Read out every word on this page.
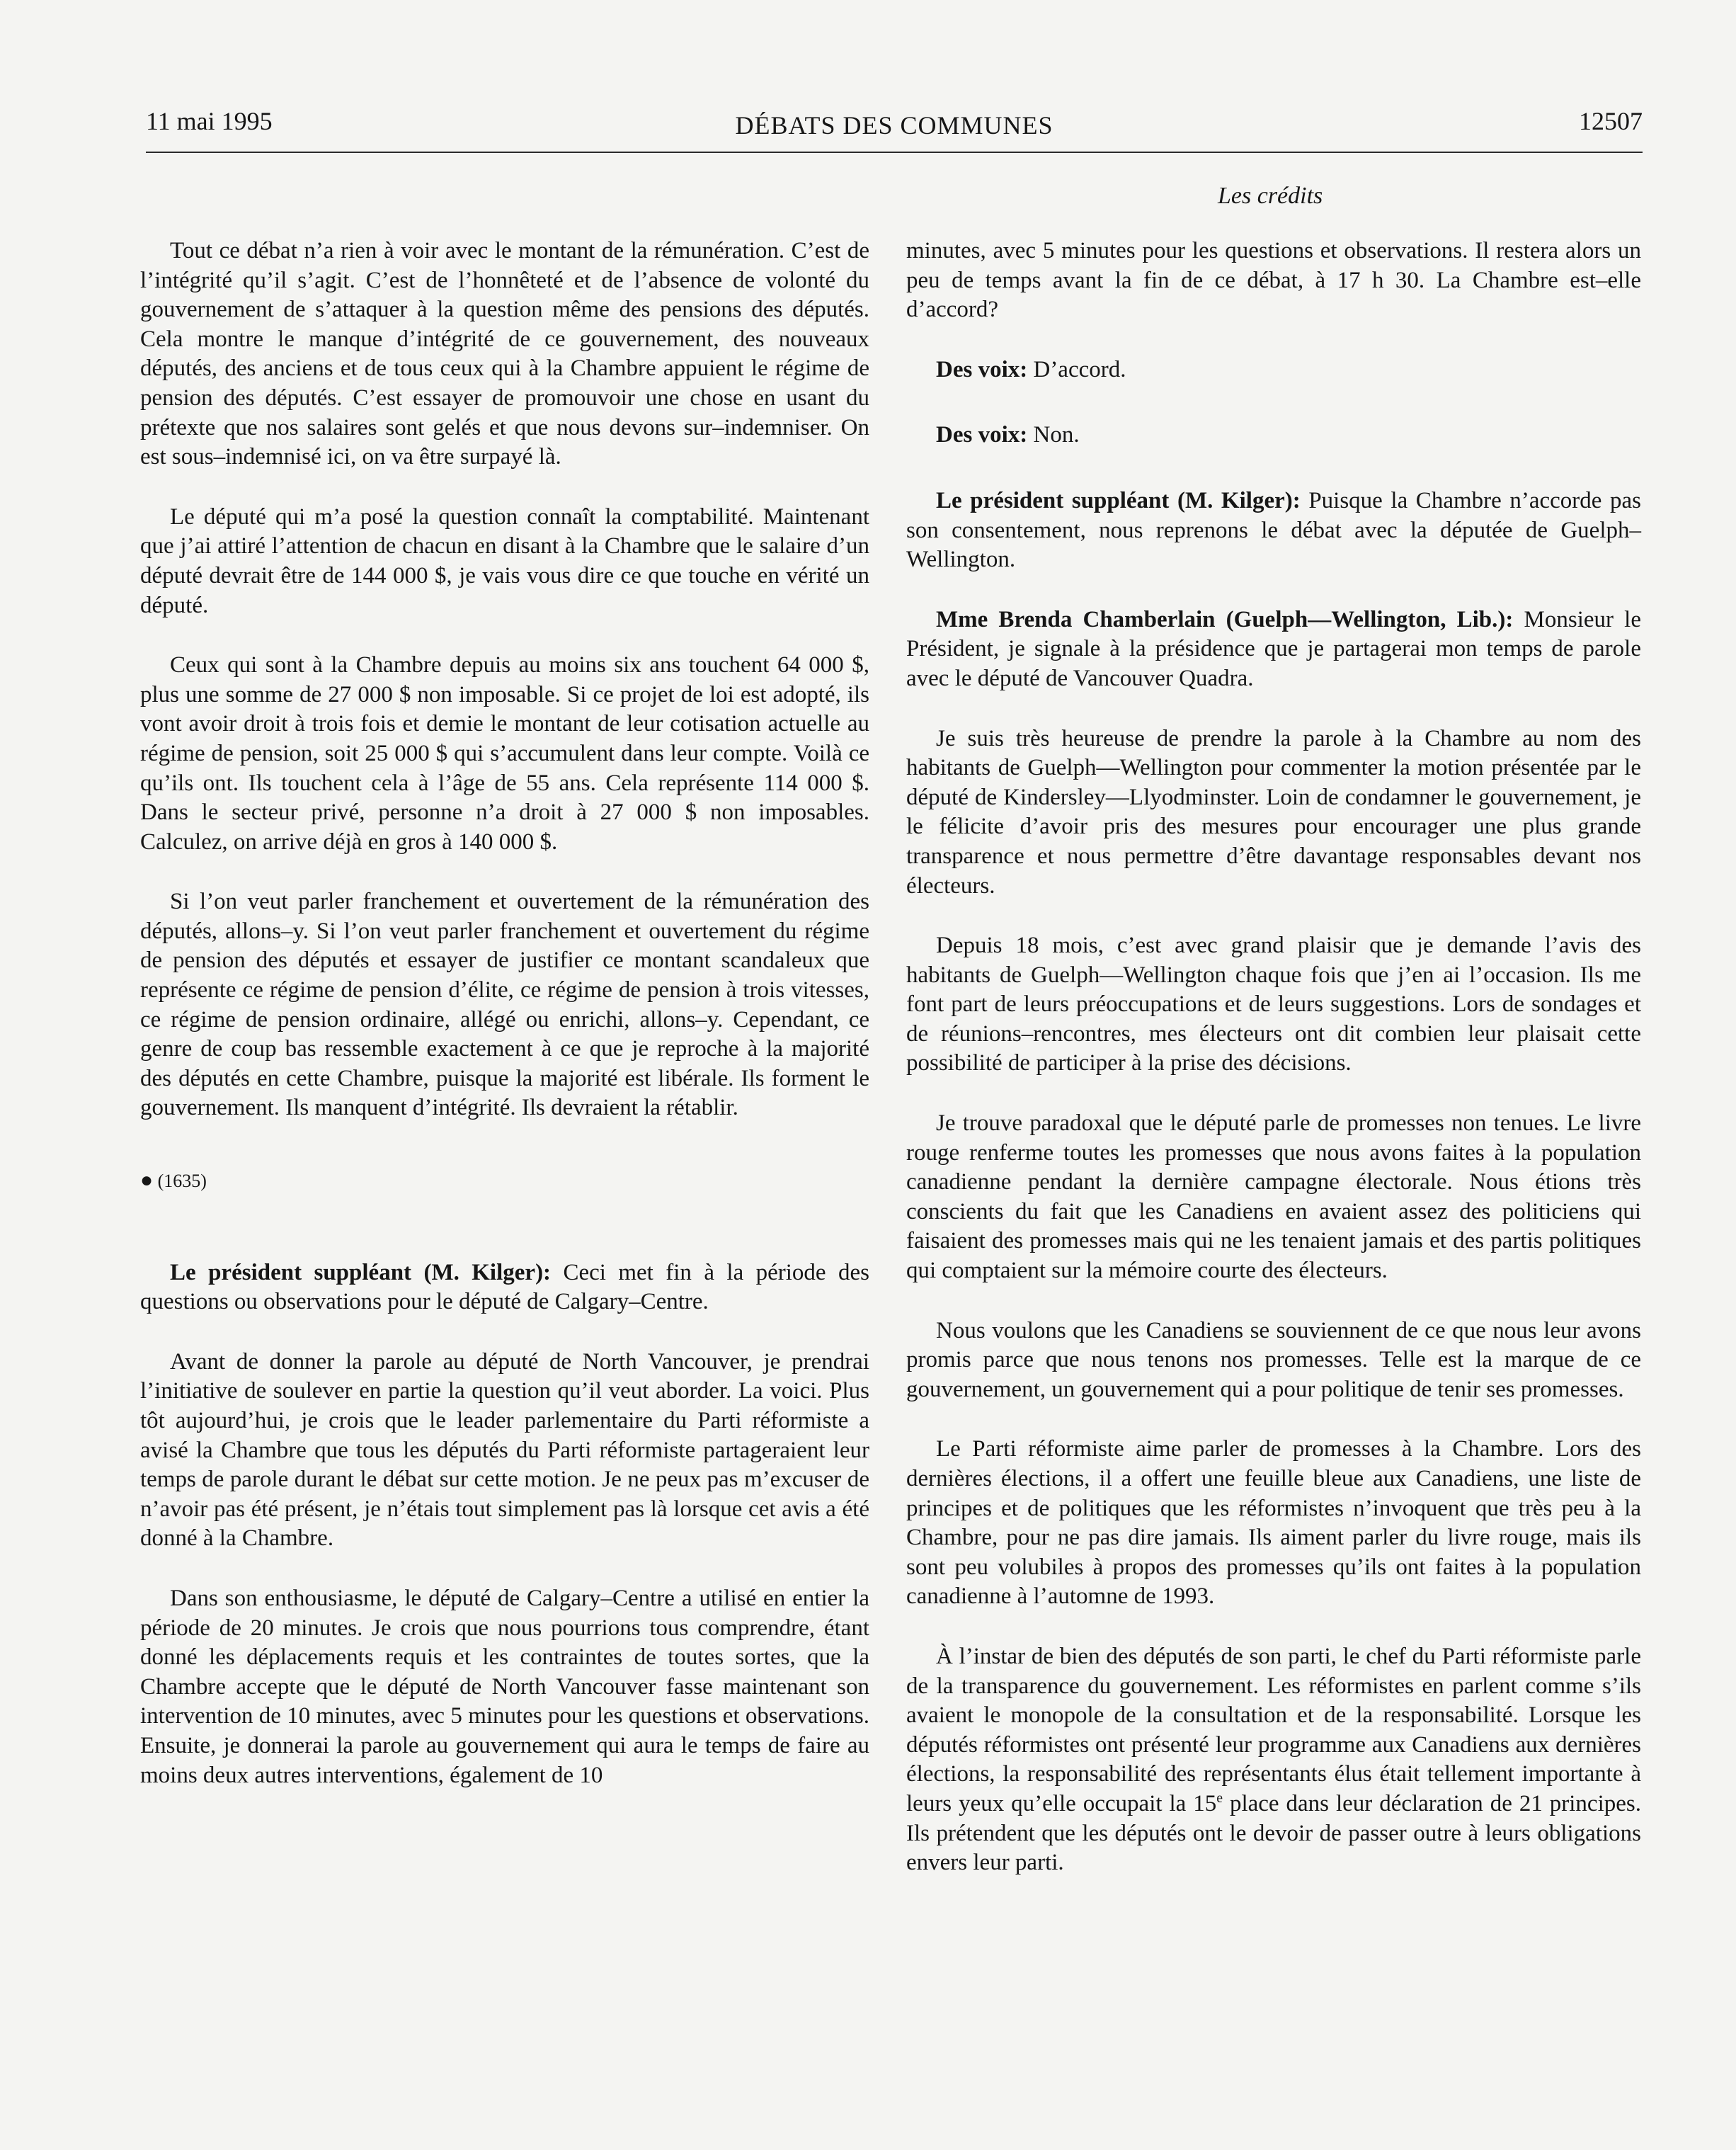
11 mai 1995	DÉBATS DES COMMUNES	12507
Les crédits

Tout ce débat n’a rien à voir avec le montant de la rémunération. C’est de l’intégrité qu’il s’agit. C’est de l’honnêteté et de l’absence de volonté du gouvernement de s’attaquer à la question même des pensions des députés. Cela montre le manque d’intégrité de ce gouvernement, des nouveaux députés, des anciens et de tous ceux qui à la Chambre appuient le régime de pension des députés. C’est essayer de promouvoir une chose en usant du prétexte que nos salaires sont gelés et que nous devons sur–indemniser. On est sous–indemnisé ici, on va être surpayé là.

Le député qui m’a posé la question connaît la comptabilité. Maintenant que j’ai attiré l’attention de chacun en disant à la Chambre que le salaire d’un député devrait être de 144 000 $, je vais vous dire ce que touche en vérité un député.

Ceux qui sont à la Chambre depuis au moins six ans touchent 64 000 $, plus une somme de 27 000 $ non imposable. Si ce projet de loi est adopté, ils vont avoir droit à trois fois et demie le montant de leur cotisation actuelle au régime de pension, soit 25 000 $ qui s’accumulent dans leur compte. Voilà ce qu’ils ont. Ils touchent cela à l’âge de 55 ans. Cela représente 114 000 $. Dans le secteur privé, personne n’a droit à 27 000 $ non imposables. Calculez, on arrive déjà en gros à 140 000 $.

Si l’on veut parler franchement et ouvertement de la rémunération des députés, allons–y. Si l’on veut parler franchement et ouvertement du régime de pension des députés et essayer de justifier ce montant scandaleux que représente ce régime de pension d’élite, ce régime de pension à trois vitesses, ce régime de pension ordinaire, allégé ou enrichi, allons–y. Cependant, ce genre de coup bas ressemble exactement à ce que je reproche à la majorité des députés en cette Chambre, puisque la majorité est libérale. Ils forment le gouvernement. Ils manquent d’intégrité. Ils devraient la rétablir.

● (1635)

Le président suppléant (M. Kilger): Ceci met fin à la période des questions ou observations pour le député de Calgary–Centre.

Avant de donner la parole au député de North Vancouver, je prendrai l’initiative de soulever en partie la question qu’il veut aborder. La voici. Plus tôt aujourd’hui, je crois que le leader parlementaire du Parti réformiste a avisé la Chambre que tous les députés du Parti réformiste partageraient leur temps de parole durant le débat sur cette motion. Je ne peux pas m’excuser de n’avoir pas été présent, je n’étais tout simplement pas là lorsque cet avis a été donné à la Chambre.

Dans son enthousiasme, le député de Calgary–Centre a utilisé en entier la période de 20 minutes. Je crois que nous pourrions tous comprendre, étant donné les déplacements requis et les contraintes de toutes sortes, que la Chambre accepte que le député de North Vancouver fasse maintenant son intervention de 10 minutes, avec 5 minutes pour les questions et observations. Ensuite, je donnerai la parole au gouvernement qui aura le temps de faire au moins deux autres interventions, également de 10

minutes, avec 5 minutes pour les questions et observations. Il restera alors un peu de temps avant la fin de ce débat, à 17 h 30. La Chambre est–elle d’accord?

Des voix: D’accord.

Des voix: Non.

Le président suppléant (M. Kilger): Puisque la Chambre n’accorde pas son consentement, nous reprenons le débat avec la députée de Guelph–Wellington.

Mme Brenda Chamberlain (Guelph—Wellington, Lib.): Monsieur le Président, je signale à la présidence que je partagerai mon temps de parole avec le député de Vancouver Quadra.

Je suis très heureuse de prendre la parole à la Chambre au nom des habitants de Guelph—Wellington pour commenter la motion présentée par le député de Kindersley—Llyodminster. Loin de condamner le gouvernement, je le félicite d’avoir pris des mesures pour encourager une plus grande transparence et nous permettre d’être davantage responsables devant nos électeurs.

Depuis 18 mois, c’est avec grand plaisir que je demande l’avis des habitants de Guelph—Wellington chaque fois que j’en ai l’occasion. Ils me font part de leurs préoccupations et de leurs suggestions. Lors de sondages et de réunions–rencontres, mes électeurs ont dit combien leur plaisait cette possibilité de participer à la prise des décisions.

Je trouve paradoxal que le député parle de promesses non tenues. Le livre rouge renferme toutes les promesses que nous avons faites à la population canadienne pendant la dernière campagne électorale. Nous étions très conscients du fait que les Canadiens en avaient assez des politiciens qui faisaient des promesses mais qui ne les tenaient jamais et des partis politiques qui comptaient sur la mémoire courte des électeurs.

Nous voulons que les Canadiens se souviennent de ce que nous leur avons promis parce que nous tenons nos promesses. Telle est la marque de ce gouvernement, un gouvernement qui a pour politique de tenir ses promesses.

Le Parti réformiste aime parler de promesses à la Chambre. Lors des dernières élections, il a offert une feuille bleue aux Canadiens, une liste de principes et de politiques que les réformistes n’invoquent que très peu à la Chambre, pour ne pas dire jamais. Ils aiment parler du livre rouge, mais ils sont peu volubiles à propos des promesses qu’ils ont faites à la population canadienne à l’automne de 1993.

À l’instar de bien des députés de son parti, le chef du Parti réformiste parle de la transparence du gouvernement. Les réformistes en parlent comme s’ils avaient le monopole de la consultation et de la responsabilité. Lorsque les députés réformistes ont présenté leur programme aux Canadiens aux dernières élections, la responsabilité des représentants élus était tellement importante à leurs yeux qu’elle occupait la 15e place dans leur déclaration de 21 principes. Ils prétendent que les députés ont le devoir de passer outre à leurs obligations envers leur parti.
